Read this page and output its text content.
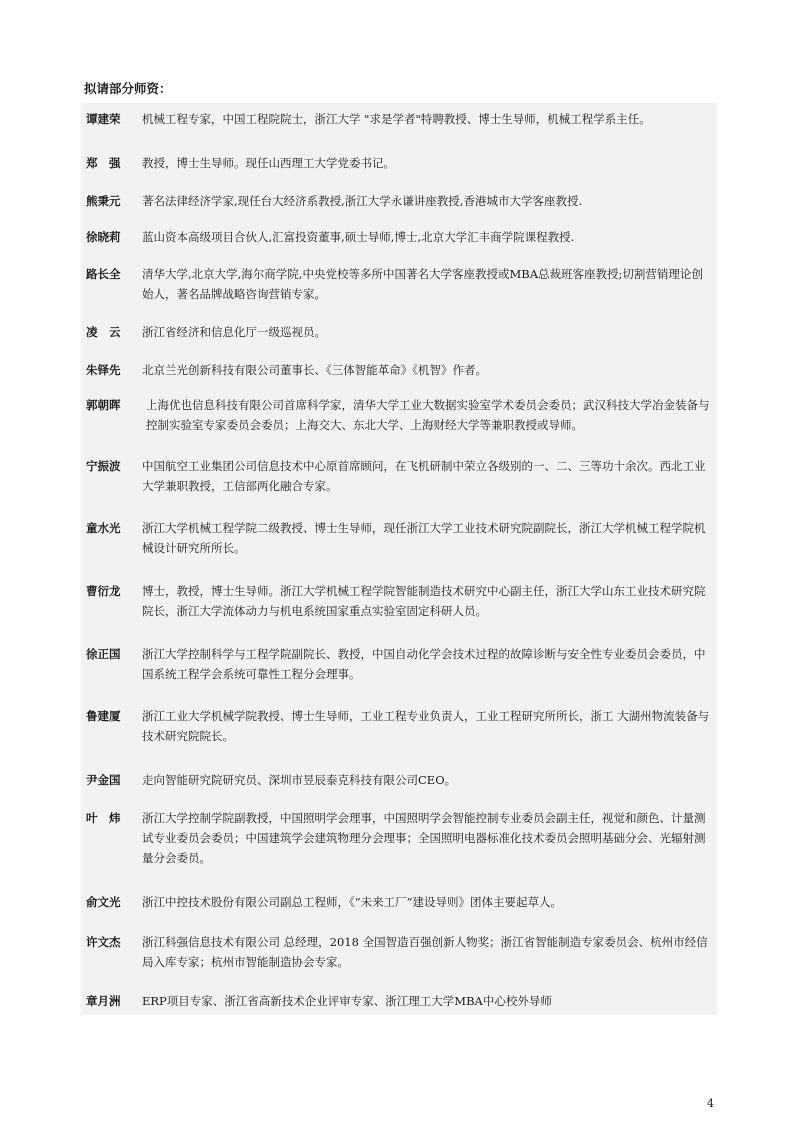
拟请部分师资：
谭建荣	机械工程专家，中国工程院院士，浙江大学 "求是学者"特聘教授、博士生导师，机械工程学系主任。
郑　强	教授，博士生导师。现任山西理工大学党委书记。
熊秉元	著名法律经济学家,现任台大经济系教授,浙江大学永谦讲座教授,香港城市大学客座教授.
徐晓莉	蓝山资本高级项目合伙人,汇富投资董事,硕士导师,博士,北京大学汇丰商学院课程教授.
路长全	清华大学,北京大学,海尔商学院,中央党校等多所中国著名大学客座教授或MBA总裁班客座教授;切割营销理论创始人，著名品牌战略咨询营销专家。
凌　云	浙江省经济和信息化厅一级巡视员。
朱铎先	北京兰光创新科技有限公司董事长、《三体智能革命》《机智》作者。
郭朝晖	上海优也信息科技有限公司首席科学家，清华大学工业大数据实验室学术委员会委员；武汉科技大学冶金装备与控制实验室专家委员会委员；上海交大、东北大学、上海财经大学等兼职教授或导师。
宁振波	中国航空工业集团公司信息技术中心原首席顾问，在飞机研制中荣立各级别的一、二、三等功十余次。西北工业大学兼职教授，工信部两化融合专家。
童水光	浙江大学机械工程学院二级教授、博士生导师，现任浙江大学工业技术研究院副院长，浙江大学机械工程学院机械设计研究所所长。
曹衍龙	博士，教授，博士生导师。浙江大学机械工程学院智能制造技术研究中心副主任，浙江大学山东工业技术研究院院长，浙江大学流体动力与机电系统国家重点实验室固定科研人员。
徐正国	浙江大学控制科学与工程学院副院长、教授，中国自动化学会技术过程的故障诊断与安全性专业委员会委员，中国系统工程学会系统可靠性工程分会理事。
鲁建厦	浙江工业大学机械学院教授、博士生导师，工业工程专业负责人，工业工程研究所所长，浙工 大湖州物流装备与技术研究院院长。
尹金国	走向智能研究院研究员、深圳市昱辰泰克科技有限公司CEO。
叶　炜	浙江大学控制学院副教授，中国照明学会理事，中国照明学会智能控制专业委员会副主任，视觉和颜色、计量测试专业委员会委员；中国建筑学会建筑物理分会理事；全国照明电器标准化技术委员会照明基础分会、光辐射测量分会委员。
俞文光	浙江中控技术股份有限公司副总工程师，《“未来工厂”建设导则》团体主要起草人。
许文杰	浙江科强信息技术有限公司 总经理，2018 全国智造百强创新人物奖；浙江省智能制造专家委员会、杭州市经信局入库专家；杭州市智能制造协会专家。
章月洲	ERP项目专家、浙江省高新技术企业评审专家、浙江理工大学MBA中心校外导师
4
